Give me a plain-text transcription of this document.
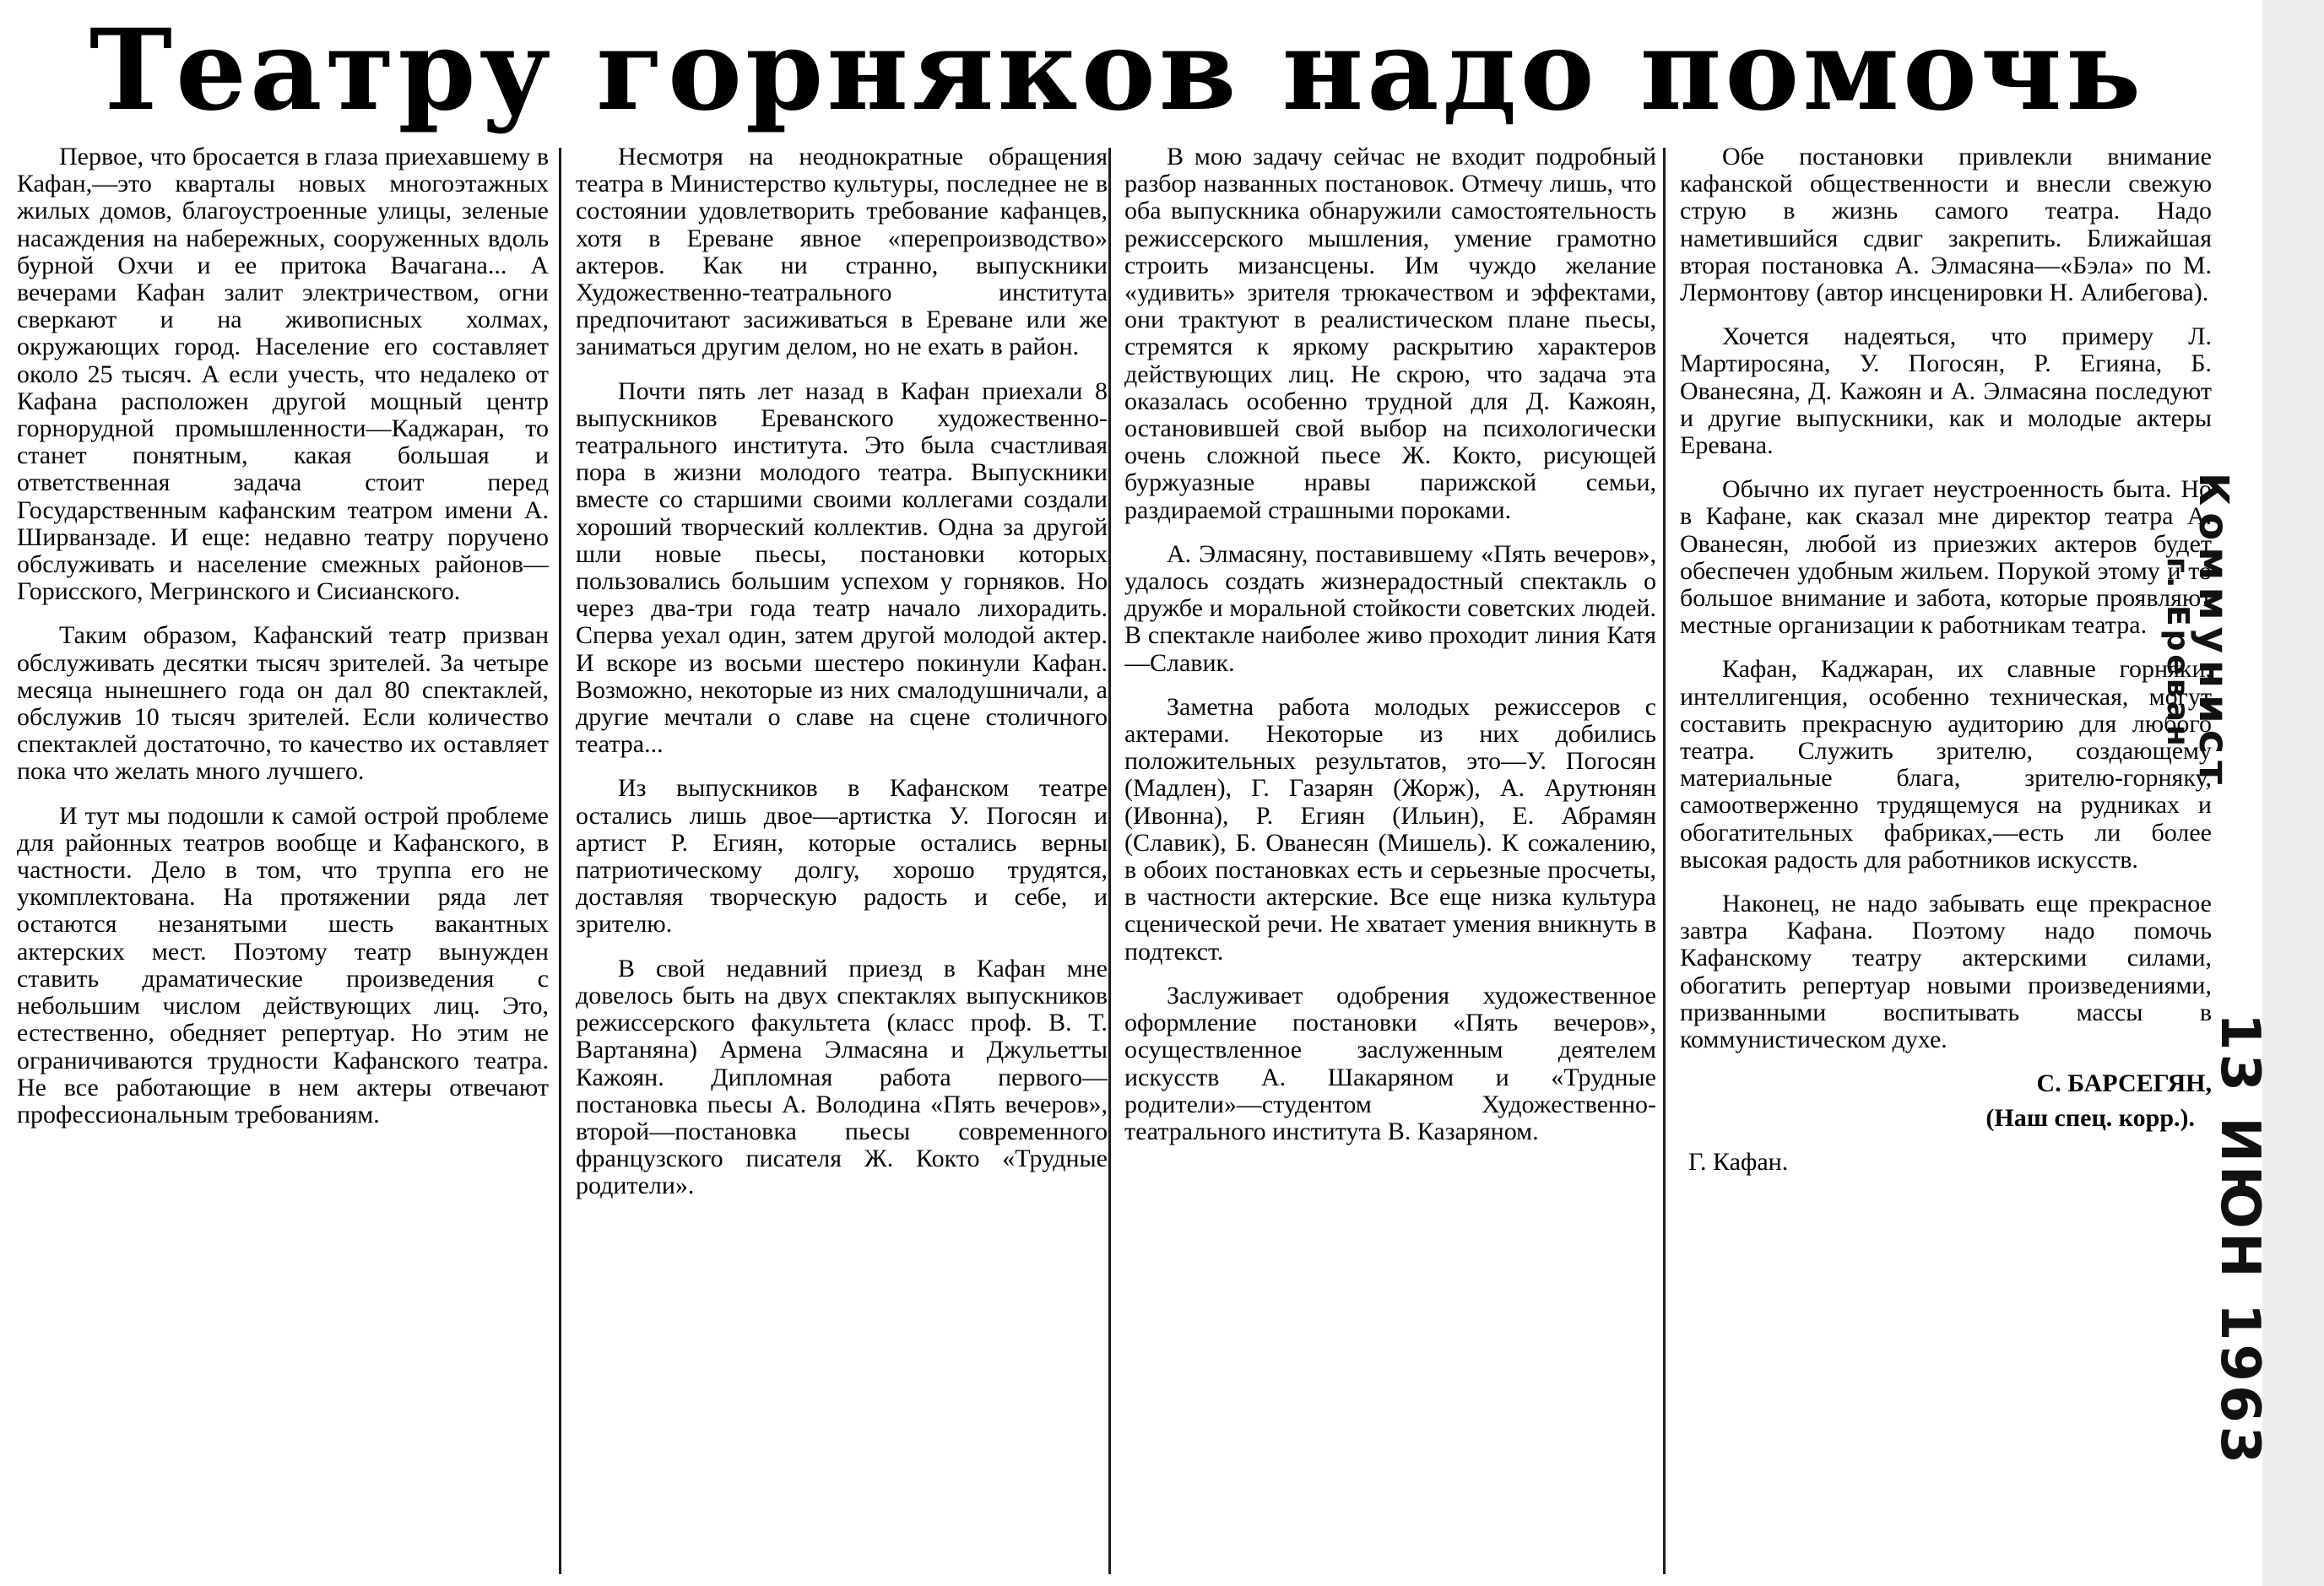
Театру горняков надо помочь

Первое, что бросается в глаза приехавшему в Кафан,—это кварталы новых многоэтажных жилых домов, благоустроенные улицы, зеленые насаждения на набережных, сооруженных вдоль бурной Охчи и ее притока Вачагана... А вечерами Кафан залит электричеством, огни сверкают и на живописных холмах, окружающих город. Население его составляет около 25 тысяч. А если учесть, что недалеко от Кафана расположен другой мощный центр горнорудной промышленности—Каджаран, то станет понятным, какая большая и ответственная задача стоит перед Государственным кафанским театром имени А. Ширванзаде. И еще: недавно театру поручено обслуживать и население смежных районов—Горисского, Мегринского и Сисианского.

Таким образом, Кафанский театр призван обслуживать десятки тысяч зрителей. За четыре месяца нынешнего года он дал 80 спектаклей, обслужив 10 тысяч зрителей. Если количество спектаклей достаточно, то качество их оставляет пока что желать много лучшего.

И тут мы подошли к самой острой проблеме для районных театров вообще и Кафанского, в частности. Дело в том, что труппа его не укомплектована. На протяжении ряда лет остаются незанятыми шесть вакантных актерских мест. Поэтому театр вынужден ставить драматические произведения с небольшим числом действующих лиц. Это, естественно, обедняет репертуар. Но этим не ограничиваются трудности Кафанского театра. Не все работающие в нем актеры отвечают профессиональным требованиям.

Несмотря на неоднократные обращения театра в Министерство культуры, последнее не в состоянии удовлетворить требование кафанцев, хотя в Ереване явное «перепроизводство» актеров. Как ни странно, выпускники Художественно-театрального института предпочитают засиживаться в Ереване или же заниматься другим делом, но не ехать в район.

Почти пять лет назад в Кафан приехали 8 выпускников Ереванского художественно-театрального института. Это была счастливая пора в жизни молодого театра. Выпускники вместе со старшими своими коллегами создали хороший творческий коллектив. Одна за другой шли новые пьесы, постановки которых пользовались большим успехом у горняков. Но через два-три года театр начало лихорадить. Сперва уехал один, затем другой молодой актер. И вскоре из восьми шестеро покинули Кафан. Возможно, некоторые из них смалодушничали, а другие мечтали о славе на сцене столичного театра...

Из выпускников в Кафанском театре остались лишь двое—артистка У. Погосян и артист Р. Егиян, которые остались верны патриотическому долгу, хорошо трудятся, доставляя творческую радость и себе, и зрителю.

В свой недавний приезд в Кафан мне довелось быть на двух спектаклях выпускников режиссерского факультета (класс проф. В. Т. Вартаняна) Армена Элмасяна и Джульетты Кажоян. Дипломная работа первого—постановка пьесы А. Володина «Пять вечеров», второй—постановка пьесы современного французского писателя Ж. Кокто «Трудные родители».

В мою задачу сейчас не входит подробный разбор названных постановок. Отмечу лишь, что оба выпускника обнаружили самостоятельность режиссерского мышления, умение грамотно строить мизансцены. Им чуждо желание «удивить» зрителя трюкачеством и эффектами, они трактуют в реалистическом плане пьесы, стремятся к яркому раскрытию характеров действующих лиц. Не скрою, что задача эта оказалась особенно трудной для Д. Кажоян, остановившей свой выбор на психологически очень сложной пьесе Ж. Кокто, рисующей буржуазные нравы парижской семьи, раздираемой страшными пороками.

А. Элмасяну, поставившему «Пять вечеров», удалось создать жизнерадостный спектакль о дружбе и моральной стойкости советских людей. В спектакле наиболее живо проходит линия Катя—Славик.

Заметна работа молодых режиссеров с актерами. Некоторые из них добились положительных результатов, это—У. Погосян (Мадлен), Г. Газарян (Жорж), А. Арутюнян (Ивонна), Р. Егиян (Ильин), Е. Абрамян (Славик), Б. Ованесян (Мишель). К сожалению, в обоих постановках есть и серьезные просчеты, в частности актерские. Все еще низка культура сценической речи. Не хватает умения вникнуть в подтекст.

Заслуживает одобрения художественное оформление постановки «Пять вечеров», осуществленное заслуженным деятелем искусств А. Шакаряном и «Трудные родители»—студентом Художественно-театрального института В. Казаряном.

Обе постановки привлекли внимание кафанской общественности и внесли свежую струю в жизнь самого театра. Надо наметившийся сдвиг закрепить. Ближайшая вторая постановка А. Элмасяна—«Бэла» по М. Лермонтову (автор инсценировки Н. Алибегова).

Хочется надеяться, что примеру Л. Мартиросяна, У. Погосян, Р. Егияна, Б. Ованесяна, Д. Кажоян и А. Элмасяна последуют и другие выпускники, как и молодые актеры Еревана.

Обычно их пугает неустроенность быта. Но в Кафане, как сказал мне директор театра А. Ованесян, любой из приезжих актеров будет обеспечен удобным жильем. Порукой этому и то большое внимание и забота, которые проявляют местные организации к работникам театра.

Кафан, Каджаран, их славные горняки, интеллигенция, особенно техническая, могут составить прекрасную аудиторию для любого театра. Служить зрителю, создающему материальные блага, зрителю-горняку, самоотверженно трудящемуся на рудниках и обогатительных фабриках,—есть ли более высокая радость для работников искусств.

Наконец, не надо забывать еще прекрасное завтра Кафана. Поэтому надо помочь Кафанскому театру актерскими силами, обогатить репертуар новыми произведениями, призванными воспитывать массы в коммунистическом духе.

С. БАРСЕГЯН,

(Наш спец. корр.).

Г. Кафан.

Коммунист
г. Ереван
13 ИЮН 1963
